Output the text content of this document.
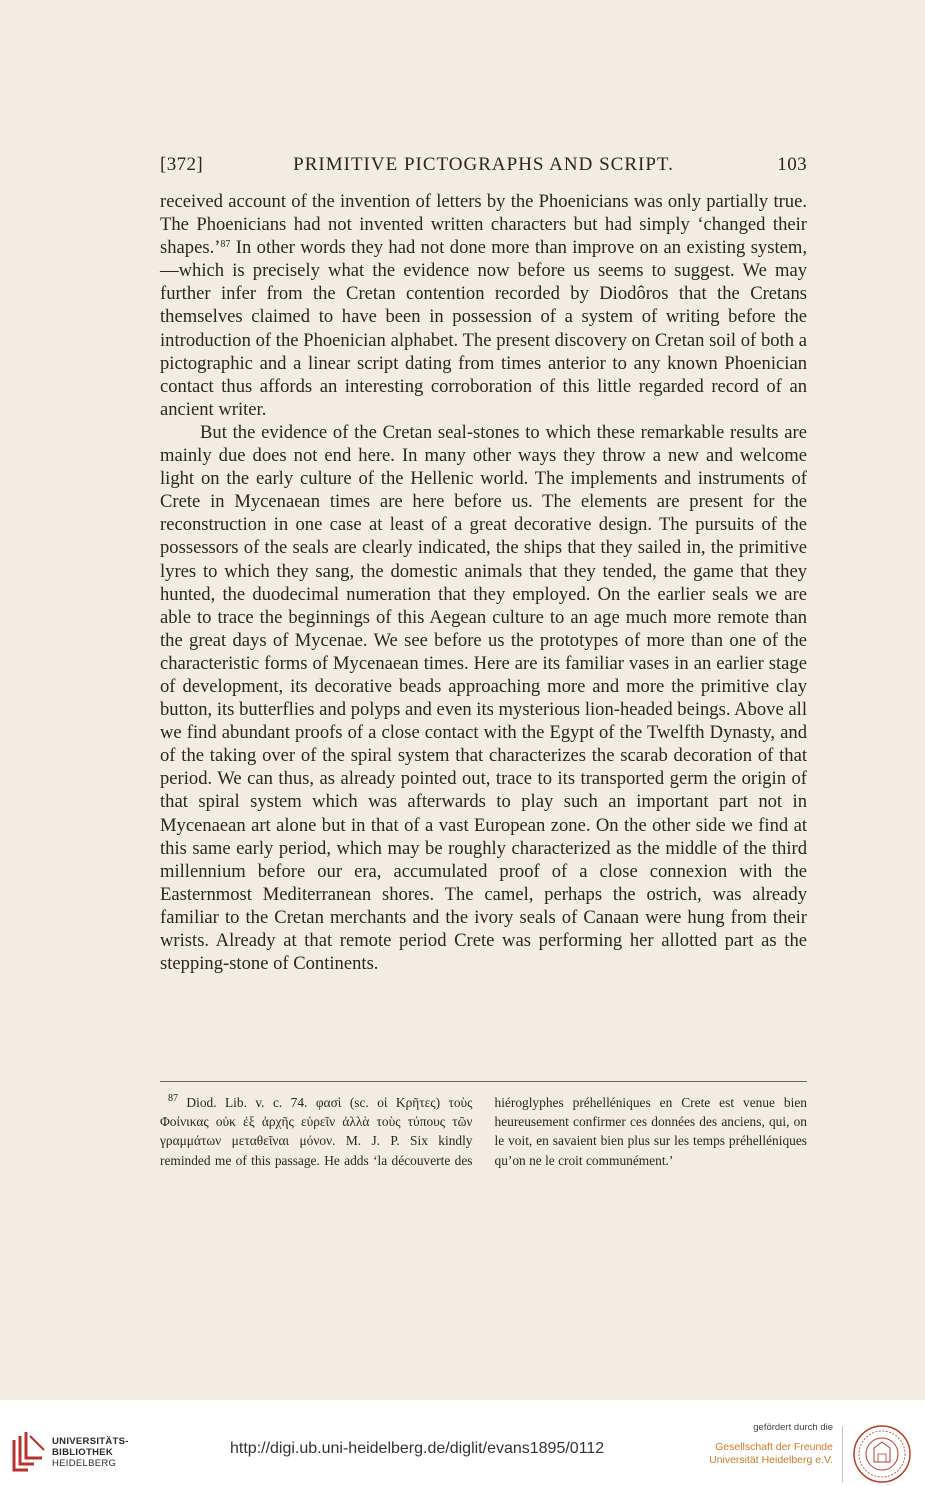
[372]	PRIMITIVE PICTOGRAPHS AND SCRIPT.	103

received account of the invention of letters by the Phoenicians was only partially true. The Phoenicians had not invented written characters but had simply ‘changed their shapes.’$^{87}$ In other words they had not done more than improve on an existing system,—which is precisely what the evidence now before us seems to suggest. We may further infer from the Cretan contention recorded by Diodôros that the Cretans themselves claimed to have been in possession of a system of writing before the introduction of the Phoenician alphabet. The present discovery on Cretan soil of both a pictographic and a linear script dating from times anterior to any known Phoenician contact thus affords an interesting corroboration of this little regarded record of an ancient writer.

But the evidence of the Cretan seal-stones to which these remarkable results are mainly due does not end here. In many other ways they throw a new and welcome light on the early culture of the Hellenic world. The implements and instruments of Crete in Mycenaean times are here before us. The elements are present for the reconstruction in one case at least of a great decorative design. The pursuits of the possessors of the seals are clearly indicated, the ships that they sailed in, the primitive lyres to which they sang, the domestic animals that they tended, the game that they hunted, the duodecimal numeration that they employed. On the earlier seals we are able to trace the beginnings of this Aegean culture to an age much more remote than the great days of Mycenae. We see before us the prototypes of more than one of the characteristic forms of Mycenaean times. Here are its familiar vases in an earlier stage of development, its decorative beads approaching more and more the primitive clay button, its butterflies and polyps and even its mysterious lion-headed beings. Above all we find abundant proofs of a close contact with the Egypt of the Twelfth Dynasty, and of the taking over of the spiral system that characterizes the scarab decoration of that period. We can thus, as already pointed out, trace to its transported germ the origin of that spiral system which was afterwards to play such an important part not in Mycenaean art alone but in that of a vast European zone. On the other side we find at this same early period, which may be roughly characterized as the middle of the third millennium before our era, accumulated proof of a close connexion with the Easternmost Mediterranean shores. The camel, perhaps the ostrich, was already familiar to the Cretan merchants and the ivory seals of Canaan were hung from their wrists. Already at that remote period Crete was performing her allotted part as the stepping-stone of Continents.

$^{87}$ Diod. Lib. v. c. 74. φασὶ (sc. οἱ Κρῆτες) τοὺς Φοίνικας οὐκ ἐξ ἀρχῆς εὑρεῖν ἀλλὰ τοὺς τύπους τῶν γραμμάτων μεταθεῖναι μόνον. M. J. P. Six kindly reminded me of this passage. He adds ‘la découverte des hiéroglyphes préhelléniques en Crete est venue bien heureusement confirmer ces données des anciens, qui, on le voit, en savaient bien plus sur les temps préhelléniques qu’on ne le croit communément.’

UNIVERSITÄTS-
BIBLIOTHEK
HEIDELBERG
http://digi.ub.uni-heidelberg.de/diglit/evans1895/0112
gefördert durch die
Gesellschaft der Freunde
Universität Heidelberg e.V.
